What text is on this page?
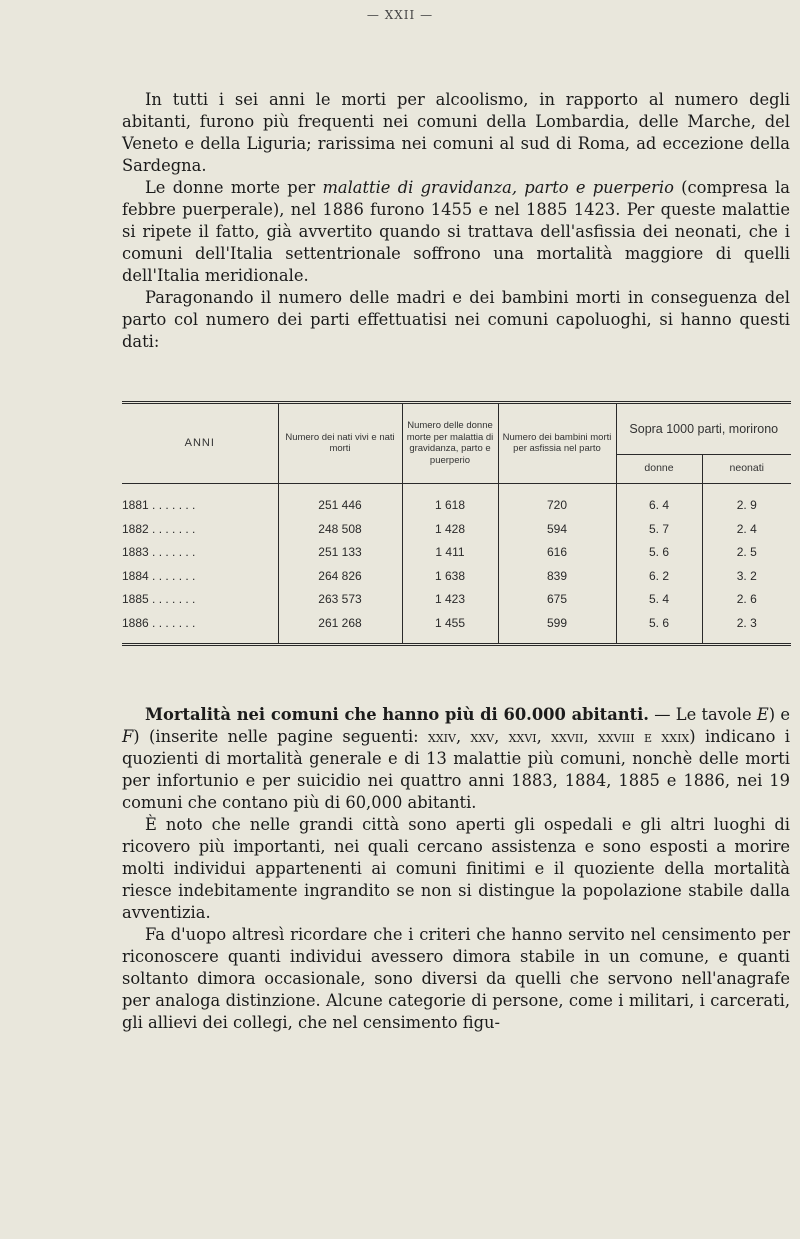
— XXII —

In tutti i sei anni le morti per alcoolismo, in rapporto al numero degli abitanti, furono più frequenti nei comuni della Lombardia, delle Marche, del Veneto e della Liguria; rarissima nei comuni al sud di Roma, ad eccezione della Sardegna.

Le donne morte per malattie di gravidanza, parto e puerperio (compresa la febbre puerperale), nel 1886 furono 1455 e nel 1885 1423. Per queste malattie si ripete il fatto, già avvertito quando si trattava dell'asfissia dei neonati, che i comuni dell'Italia settentrionale soffrono una mortalità maggiore di quelli dell'Italia meridionale.

Paragonando il numero delle madri e dei bambini morti in conseguenza del parto col numero dei parti effettuatisi nei comuni capoluoghi, si hanno questi dati:

ANNI	Numero dei nati vivi e nati morti	Numero delle donne morte per malattia di gravidanza, parto e puerperio	Numero dei bambini morti per asfissia nel parto	Sopra 1000 parti, morirono	
				donne	neonati
1881 . . . . . . .	251 446	1 618	720	6. 4	2. 9
1882 . . . . . . .	248 508	1 428	594	5. 7	2. 4
1883 . . . . . . .	251 133	1 411	616	5. 6	2. 5
1884 . . . . . . .	264 826	1 638	839	6. 2	3. 2
1885 . . . . . . .	263 573	1 423	675	5. 4	2. 6
1886 . . . . . . .	261 268	1 455	599	5. 6	2. 3

Mortalità nei comuni che hanno più di 60.000 abitanti. — Le tavole E) e F) (inserite nelle pagine seguenti: xxiv, xxv, xxvi, xxvii, xxviii e xxix) indicano i quozienti di mortalità generale e di 13 malattie più comuni, nonchè delle morti per infortunio e per suicidio nei quattro anni 1883, 1884, 1885 e 1886, nei 19 comuni che contano più di 60,000 abitanti.

È noto che nelle grandi città sono aperti gli ospedali e gli altri luoghi di ricovero più importanti, nei quali cercano assistenza e sono esposti a morire molti individui appartenenti ai comuni finitimi e il quoziente della mortalità riesce indebitamente ingrandito se non si distingue la popolazione stabile dalla avventizia.

Fa d'uopo altresì ricordare che i criteri che hanno servito nel censimento per riconoscere quanti individui avessero dimora stabile in un comune, e quanti soltanto dimora occasionale, sono diversi da quelli che servono nell'anagrafe per analoga distinzione. Alcune categorie di persone, come i militari, i carcerati, gli allievi dei collegi, che nel censimento figu-
